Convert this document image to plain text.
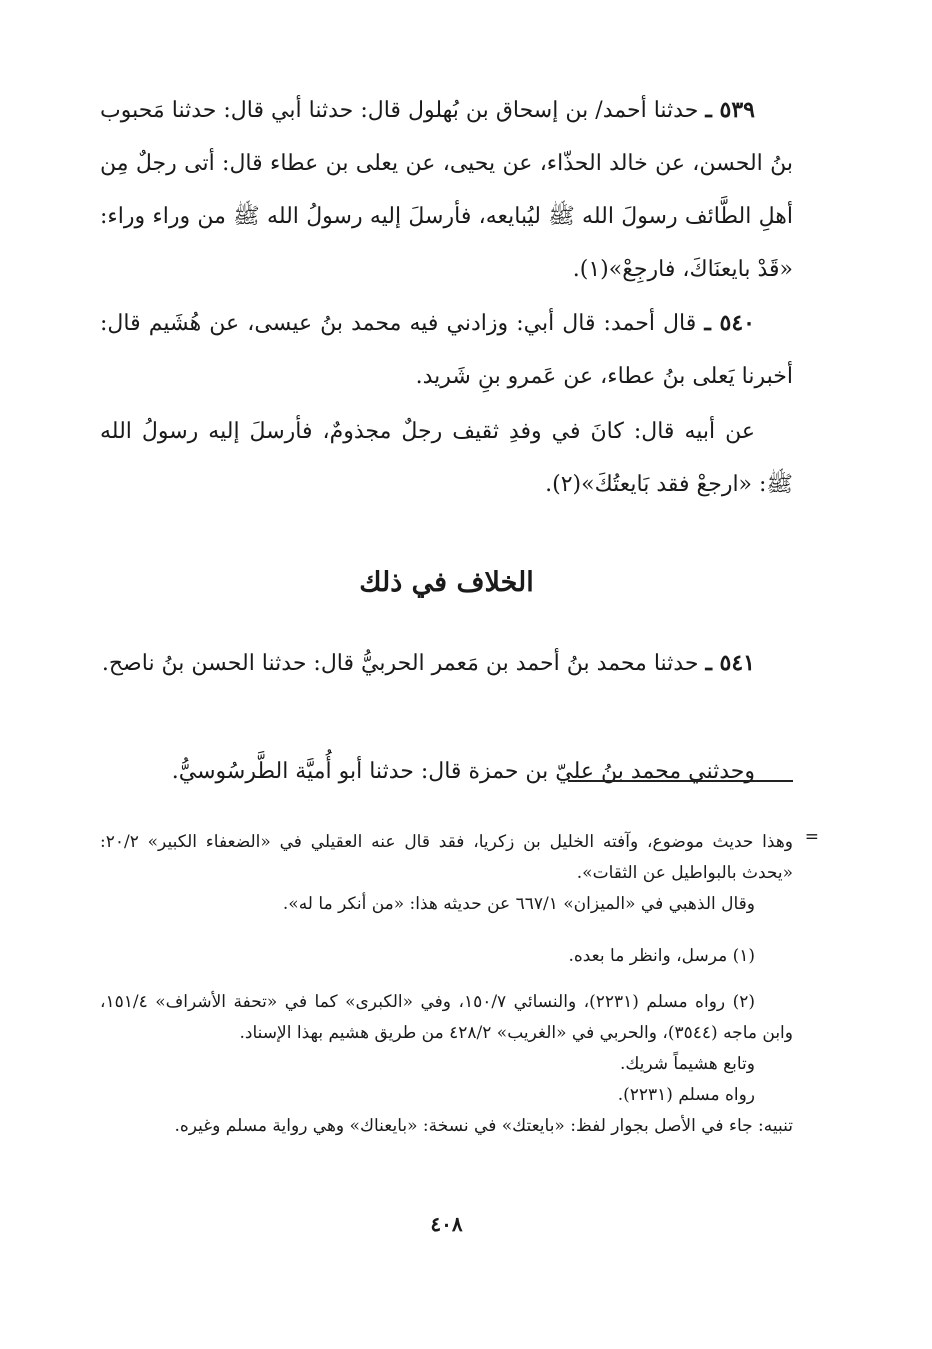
٥٣٩ ـ حدثنا أحمد/ بن إسحاق بن بُهلول قال: حدثنا أبي قال: حدثنا مَحبوب بنُ الحسن، عن خالد الحذّاء، عن يحيى، عن يعلى بن عطاء قال: أتى رجلٌ مِن أهلِ الطَّائف رسولَ الله ﷺ ليُبايعه، فأرسلَ إليه رسولُ الله ﷺ من وراء وراء: «قَدْ بايعنَاكَ، فارجِعْ»(١).

٥٤٠ ـ قال أحمد: قال أبي: وزادني فيه محمد بنُ عيسى، عن هُشَيم قال: أخبرنا يَعلى بنُ عطاء، عن عَمرو بنِ شَريد.

عن أبيه قال: كانَ في وفدِ ثقيف رجلٌ مجذومٌ، فأرسلَ إليه رسولُ الله ﷺ: «ارجعْ فقد بَايعتُكَ»(٢).

الخلاف في ذلك

٥٤١ ـ حدثنا محمد بنُ أحمد بن مَعمر الحربيُّ قال: حدثنا الحسن بنُ ناصح.

وحدثني محمد بنُ عليّ بن حمزة قال: حدثنا أبو أُميَّة الطَّرسُوسيُّ.

=

وهذا حديث موضوع، وآفته الخليل بن زكريا، فقد قال عنه العقيلي في «الضعفاء الكبير» ٢٠/٢: «يحدث بالبواطيل عن الثقات».

وقال الذهبي في «الميزان» ٦٦٧/١ عن حديثه هذا: «من أنكر ما له».

(١) مرسل، وانظر ما بعده.

(٢) رواه مسلم (٢٢٣١)، والنسائي ١٥٠/٧، وفي «الكبرى» كما في «تحفة الأشراف» ١٥١/٤، وابن ماجه (٣٥٤٤)، والحربي في «الغريب» ٤٢٨/٢ من طريق هشيم بهذا الإسناد.

وتابع هشيماً شريك.

رواه مسلم (٢٢٣١).

تنبيه: جاء في الأصل بجوار لفظ: «بايعتك» في نسخة: «بايعناك» وهي رواية مسلم وغيره.

٤٠٨
